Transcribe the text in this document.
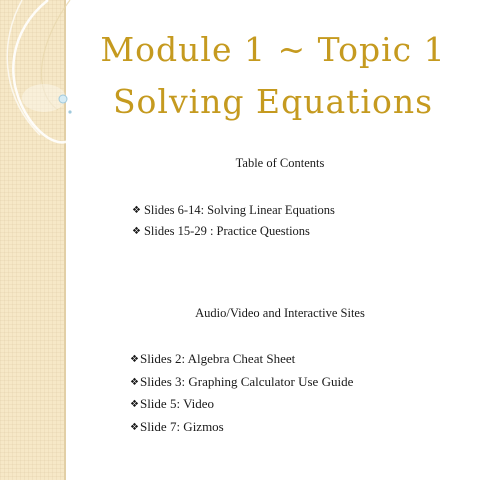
Module 1 ~ Topic 1
Solving Equations
Table of Contents
❖ Slides 6-14: Solving Linear Equations
❖ Slides 15-29 : Practice Questions
Audio/Video and Interactive Sites
❖Slides 2: Algebra Cheat Sheet
❖Slides 3: Graphing Calculator Use Guide
❖Slide 5: Video
❖Slide 7: Gizmos
